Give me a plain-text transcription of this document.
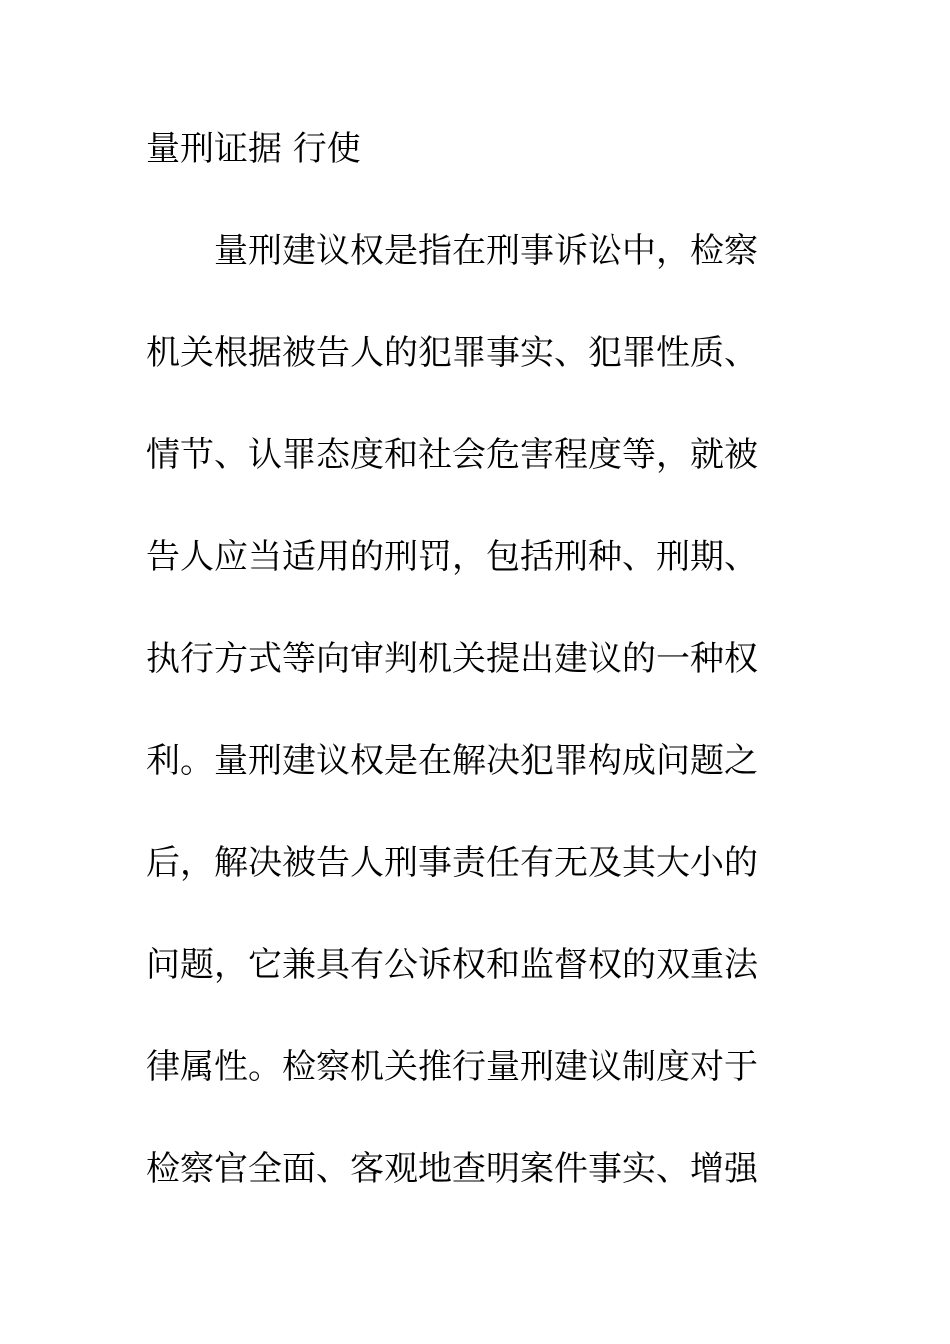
量刑证据 行使
量刑建议权是指在刑事诉讼中，检察
机关根据被告人的犯罪事实、犯罪性质、
情节、认罪态度和社会危害程度等，就被
告人应当适用的刑罚，包括刑种、刑期、
执行方式等向审判机关提出建议的一种权
利。量刑建议权是在解决犯罪构成问题之
后，解决被告人刑事责任有无及其大小的
问题，它兼具有公诉权和监督权的双重法
律属性。检察机关推行量刑建议制度对于
检察官全面、客观地查明案件事实、增强
